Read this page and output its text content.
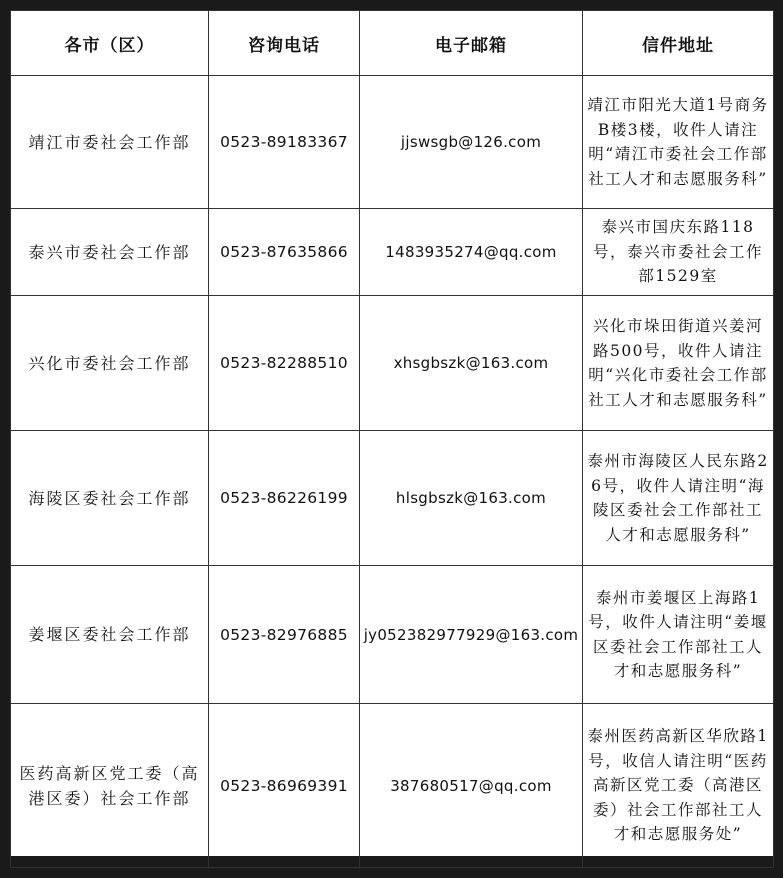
各市（区）	咨询电话	电子邮箱	信件地址
靖江市委社会工作部	0523-89183367	jjswsgb@126.com	靖江市阳光大道1号商务B楼3楼，收件人请注明“靖江市委社会工作部社工人才和志愿服务科”
泰兴市委社会工作部	0523-87635866	1483935274@qq.com	泰兴市国庆东路118号，泰兴市委社会工作部1529室
兴化市委社会工作部	0523-82288510	xhsgbszk@163.com	兴化市垛田街道兴姜河路500号，收件人请注明“兴化市委社会工作部社工人才和志愿服务科”
海陵区委社会工作部	0523-86226199	hlsgbszk@163.com	泰州市海陵区人民东路26号，收件人请注明“海陵区委社会工作部社工人才和志愿服务科”
姜堰区委社会工作部	0523-82976885	jy052382977929@163.com	泰州市姜堰区上海路1号，收件人请注明“姜堰区委社会工作部社工人才和志愿服务科”
医药高新区党工委（高港区委）社会工作部	0523-86969391	387680517@qq.com	泰州医药高新区华欣路1号，收信人请注明“医药高新区党工委（高港区委）社会工作部社工人才和志愿服务处”
